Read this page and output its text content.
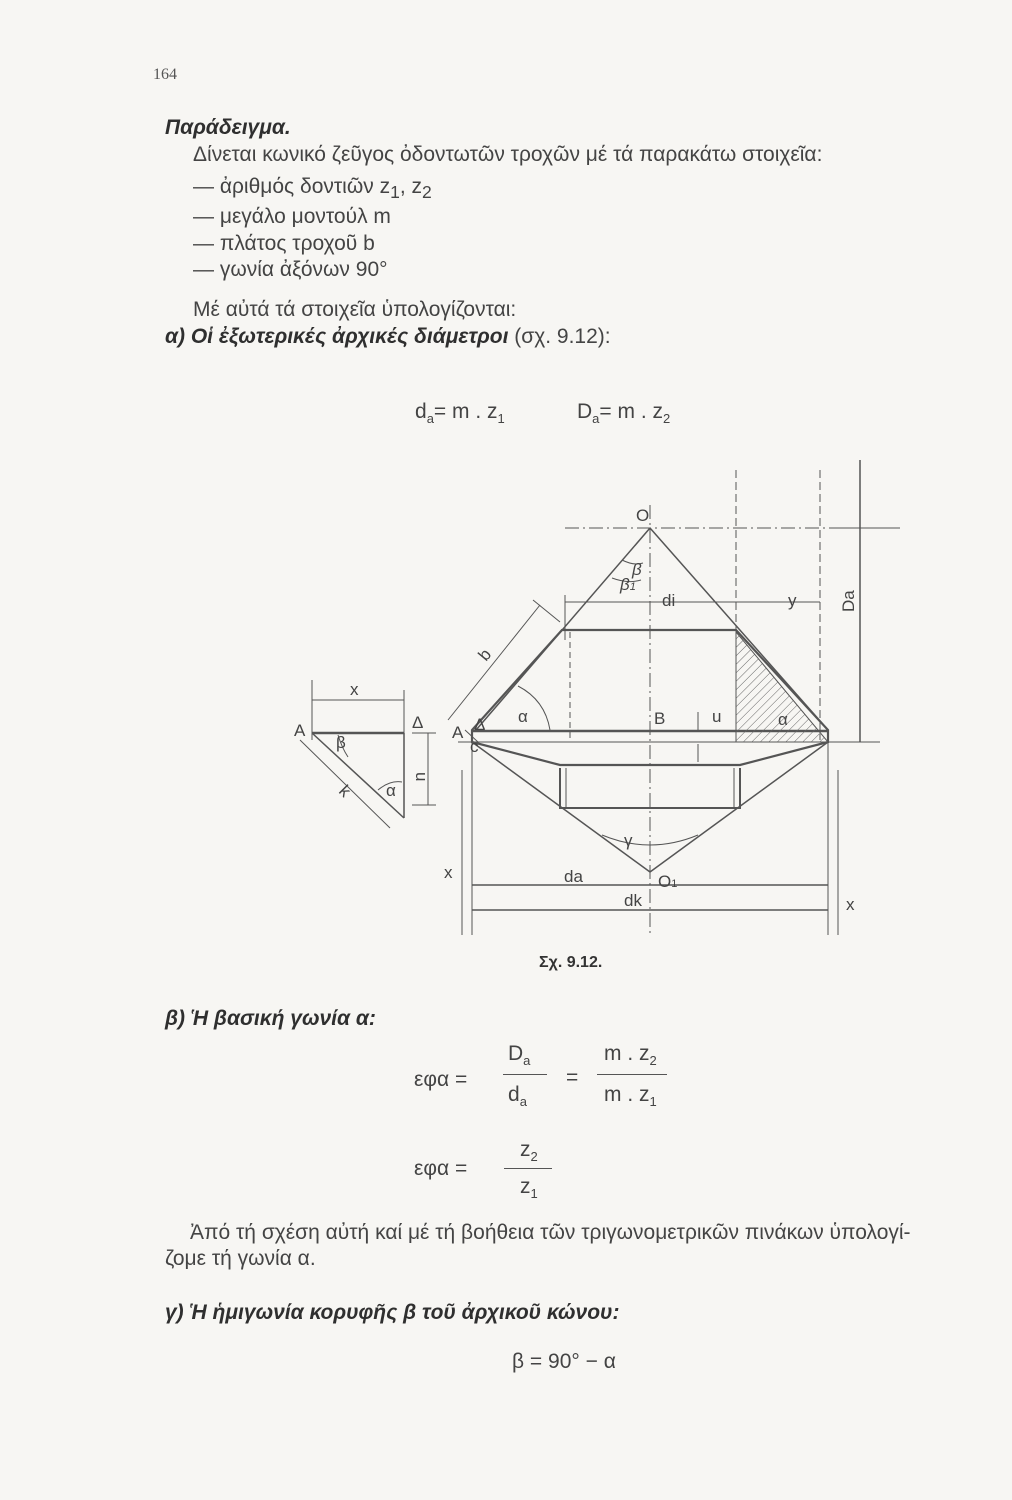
164
Παράδειγμα.
Δίνεται κωνικό ζεῦγος ὀδοντωτῶν τροχῶν μέ τά παρακάτω στοιχεῖα:
— ἀριθμός δοντιῶν $z_1$, $z_2$
— μεγάλο μοντούλ m
— πλάτος τροχοῦ b
— γωνία ἀξόνων 90°
Μέ αὐτά τά στοιχεῖα ὑπολογίζονται:
α) Οἱ ἐξωτερικές ἀρχικές διάμετροι (σχ. 9.12):
$d_a= m$ . $z_1$	$D_a= m$ . $z_2$
O
β
β1
di	y	Da
b
α	B	u	α
γ
da
dk
O1
x
x
A Δ
c
A	Δ
x
β
α
u
k
Σχ. 9.12.
β) Ἡ βασική γωνία α:
εφα =
$D_a$
$d_a$
=
m . $z_2$
m . $z_1$
εφα =
$z_2$
$z_1$
Ἀπό τή σχέση αὐτή καί μέ τή βοήθεια τῶν τριγωνομετρικῶν πινάκων ὑπολογί-
ζομε τή γωνία α.
γ) Ἡ ἡμιγωνία κορυφῆς β τοῦ ἀρχικοῦ κώνου:
β = 90° − α
